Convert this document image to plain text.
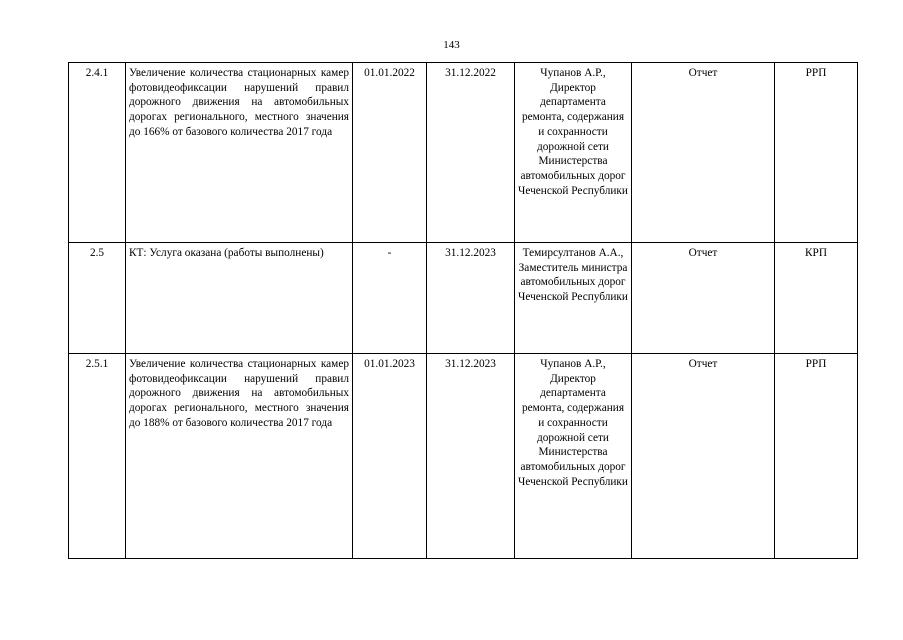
143
2.4.1	Увеличение количества стационарных камер фотовидеофиксации нарушений правил дорожного движения на автомобильных дорогах регионального, местного значения до 166% от базового количества 2017 года	01.01.2022	31.12.2022	Чупанов А.Р., Директор департамента ремонта, содержания и сохранности дорожной сети Министерства автомобильных дорог Чеченской Республики	Отчет	РРП
2.5	КТ: Услуга оказана (работы выполнены)	-	31.12.2023	Темирсултанов А.А., Заместитель министра автомобильных дорог Чеченской Республики	Отчет	КРП
2.5.1	Увеличение количества стационарных камер фотовидеофиксации нарушений правил дорожного движения на автомобильных дорогах регионального, местного значения до 188% от базового количества 2017 года	01.01.2023	31.12.2023	Чупанов А.Р., Директор департамента ремонта, содержания и сохранности дорожной сети Министерства автомобильных дорог Чеченской Республики	Отчет	РРП
